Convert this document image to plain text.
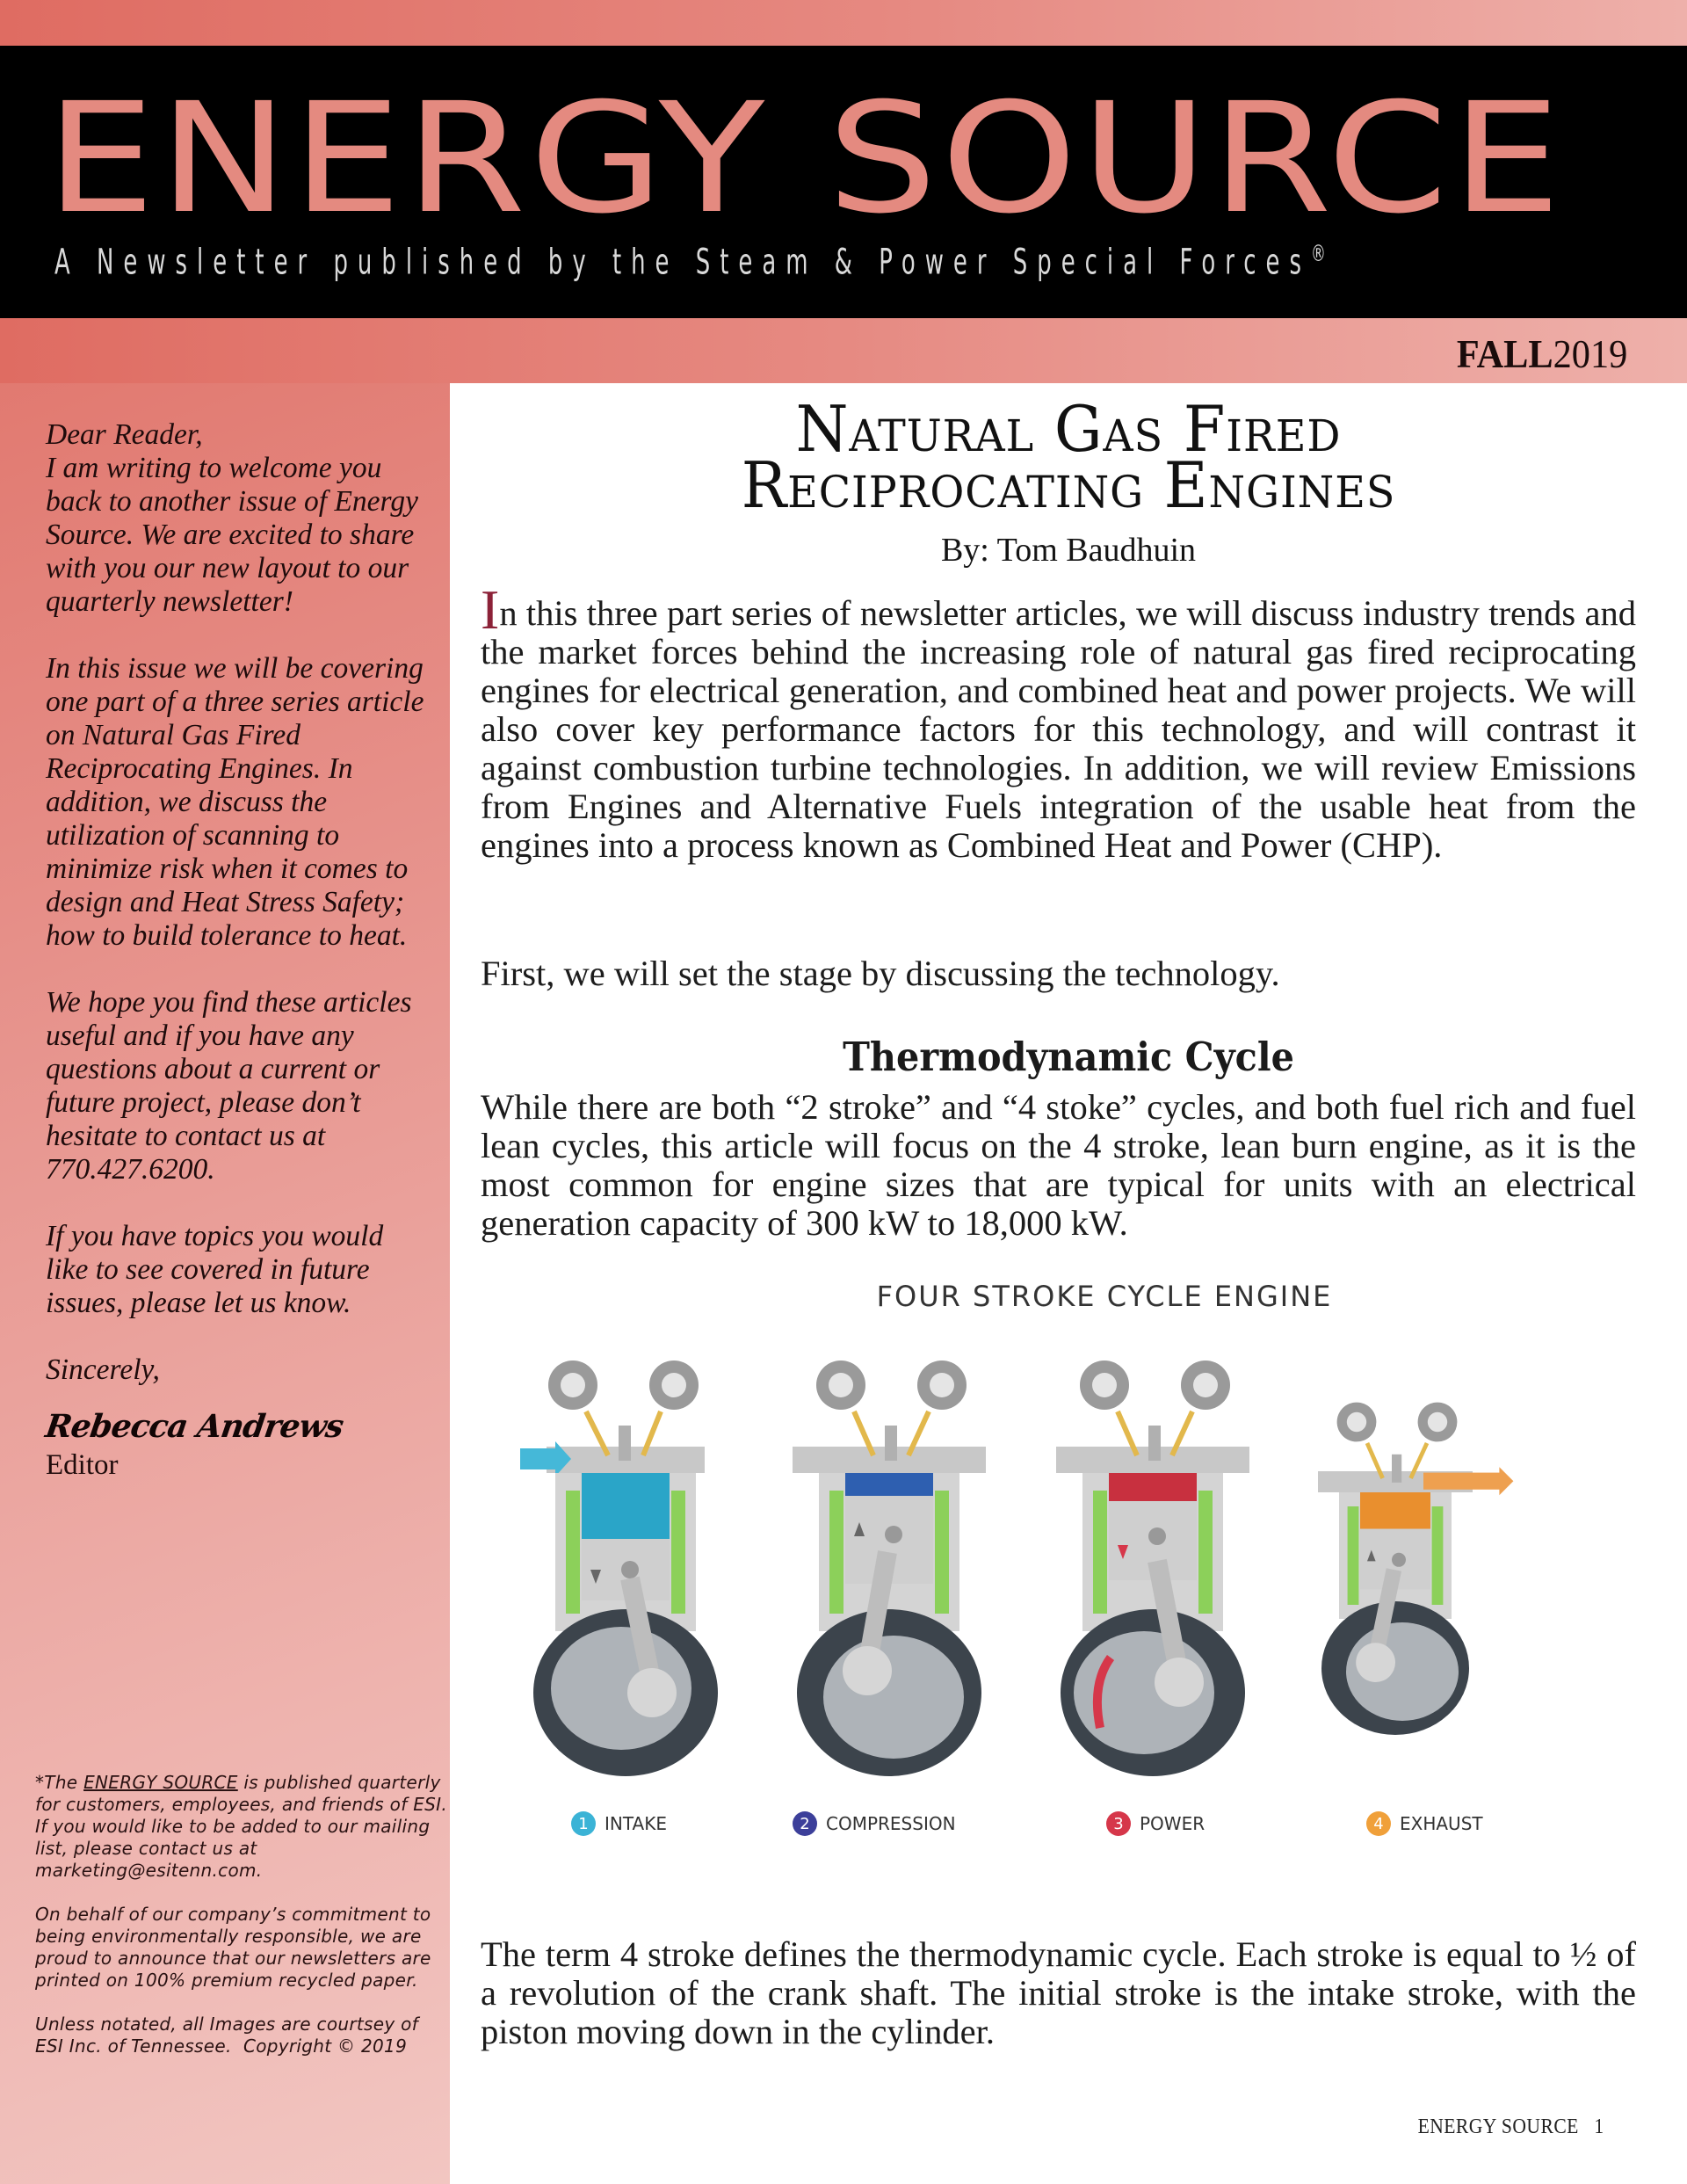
ENERGY SOURCE
A Newsletter published by the Steam & Power Special Forces®
FALL2019

Dear Reader,

I am writing to welcome you back to another issue of Energy Source. We are excited to share with you our new layout to our quarterly newsletter!

In this issue we will be covering one part of a three series article on Natural Gas Fired Reciprocating Engines. In addition, we discuss the utilization of scanning to minimize risk when it comes to design and Heat Stress Safety; how to build tolerance to heat.

We hope you find these articles useful and if you have any questions about a current or future project, please don’t hesitate to contact us at 770.427.6200.

If you have topics you would like to see covered in future issues, please let us know.

Sincerely,

Rebecca Andrews
Editor

*The ENERGY SOURCE is published quarterly for customers, employees, and friends of ESI. If you would like to be added to our mailing list, please contact us at marketing@esitenn.com.

On behalf of our company’s commitment to being environmentally responsible, we are proud to announce that our newsletters are printed on 100% premium recycled paper.

Unless notated, all Images are courtsey of ESI Inc. of Tennessee. Copyright © 2019

Natural Gas Fired
Reciprocating Engines
By: Tom Baudhuin

In this three part series of newsletter articles, we will discuss industry trends and the market forces behind the increasing role of natural gas fired reciprocating engines for electrical generation, and combined heat and power projects. We will also cover key performance factors for this technology, and will contrast it against combustion turbine technologies. In addition, we will review Emissions from Engines and Alternative Fuels integration of the usable heat from the engines into a process known as Combined Heat and Power (CHP).

First, we will set the stage by discussing the technology.

Thermodynamic Cycle

While there are both “2 stroke” and “4 stoke” cycles, and both fuel rich and fuel lean cycles, this article will focus on the 4 stroke, lean burn engine, as it is the most common for engine sizes that are typical for units with an electrical generation capacity of 300 kW to 18,000 kW.

FOUR STROKE CYCLE ENGINE
1 INTAKE	2 COMPRESSION	3 POWER	4 EXHAUST

The term 4 stroke defines the thermodynamic cycle. Each stroke is equal to ½ of a revolution of the crank shaft. The initial stroke is the intake stroke, with the piston moving down in the cylinder.

ENERGY SOURCE 1
